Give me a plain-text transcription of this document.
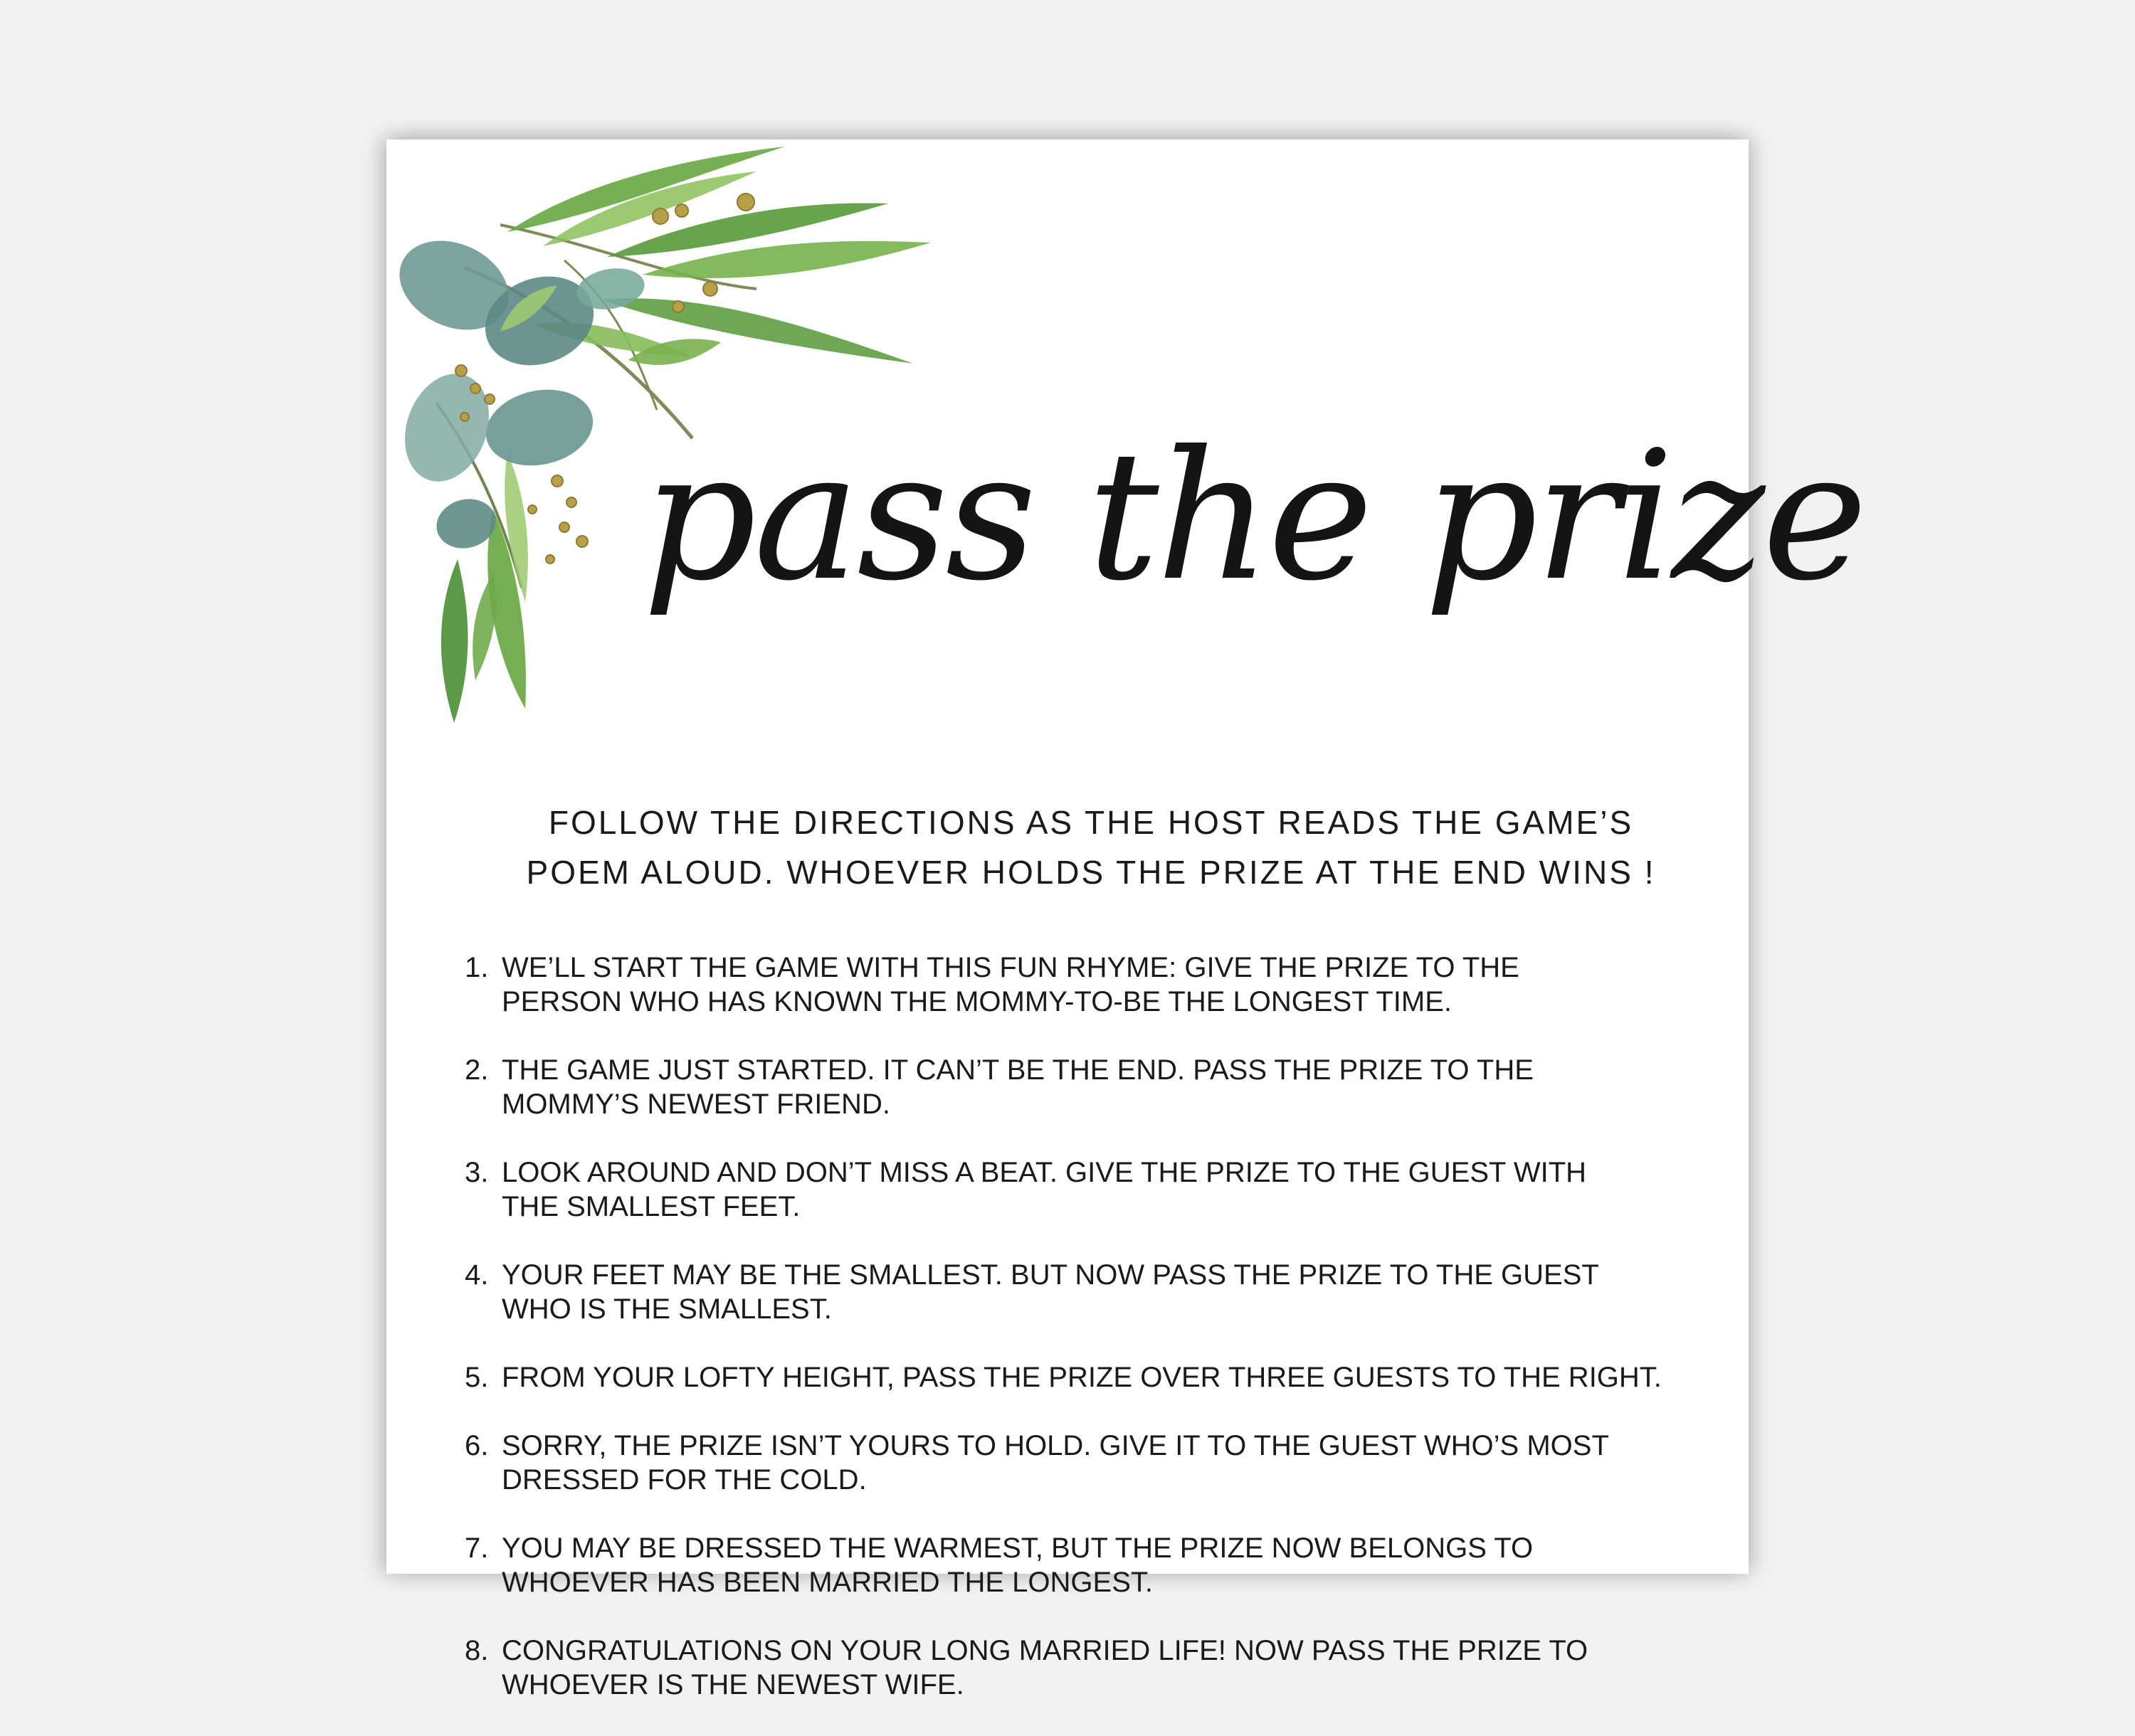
pass the prize
FOLLOW THE DIRECTIONS AS THE HOST READS THE GAME’S
POEM ALOUD. WHOEVER HOLDS THE PRIZE AT THE END WINS !
1. WE’LL START THE GAME WITH THIS FUN RHYME: GIVE THE PRIZE TO THE
PERSON WHO HAS KNOWN THE MOMMY-TO-BE THE LONGEST TIME.
2. THE GAME JUST STARTED. IT CAN’T BE THE END. PASS THE PRIZE TO THE
MOMMY’S NEWEST FRIEND.
3. LOOK AROUND AND DON’T MISS A BEAT. GIVE THE PRIZE TO THE GUEST WITH
THE SMALLEST FEET.
4. YOUR FEET MAY BE THE SMALLEST. BUT NOW PASS THE PRIZE TO THE GUEST
WHO IS THE SMALLEST.
5. FROM YOUR LOFTY HEIGHT, PASS THE PRIZE OVER THREE GUESTS TO THE RIGHT.
6. SORRY, THE PRIZE ISN’T YOURS TO HOLD. GIVE IT TO THE GUEST WHO’S MOST
DRESSED FOR THE COLD.
7. YOU MAY BE DRESSED THE WARMEST, BUT THE PRIZE NOW BELONGS TO
WHOEVER HAS BEEN MARRIED THE LONGEST.
8. CONGRATULATIONS ON YOUR LONG MARRIED LIFE! NOW PASS THE PRIZE TO
WHOEVER IS THE NEWEST WIFE.
